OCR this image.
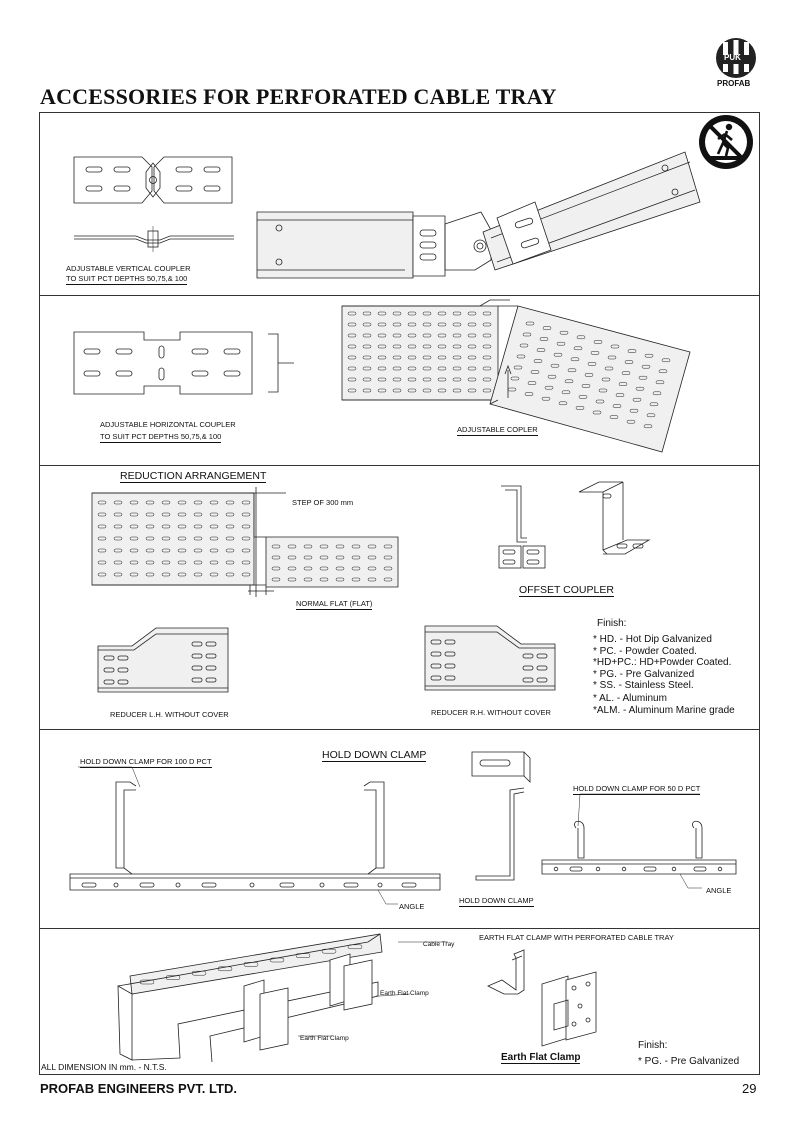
ACCESSORIES FOR PERFORATED CABLE TRAY
PUK
PROFAB
ADJUSTABLE VERTICAL COUPLER
TO SUIT PCT DEPTHS 50,75,& 100
ADJUSTABLE HORIZONTAL COUPLER
TO SUIT PCT DEPTHS 50,75,& 100
ADJUSTABLE COPLER
REDUCTION ARRANGEMENT
STEP OF 300 mm
NORMAL FLAT (FLAT)
OFFSET COUPLER
REDUCER L.H. WITHOUT COVER	REDUCER R.H. WITHOUT COVER
Finish:
* HD. - Hot Dip Galvanized
* PC. - Powder Coated.
*HD+PC.: HD+Powder Coated.
* PG. - Pre Galvanized
* SS. - Stainless Steel.
* AL. - Aluminum
*ALM. - Aluminum Marine grade
HOLD DOWN CLAMP FOR 100 D PCT
HOLD DOWN CLAMP
ANGLE
HOLD DOWN CLAMP
HOLD DOWN CLAMP FOR 50 D PCT
ANGLE
EARTH FLAT CLAMP WITH PERFORATED CABLE TRAY
Cable Tray
Earth Flat Clamp
Earth Flat Clamp
Earth Flat Clamp
ALL DIMENSION IN mm. - N.T.S.
Finish:
* PG. - Pre Galvanized
PROFAB ENGINEERS PVT. LTD.	29
